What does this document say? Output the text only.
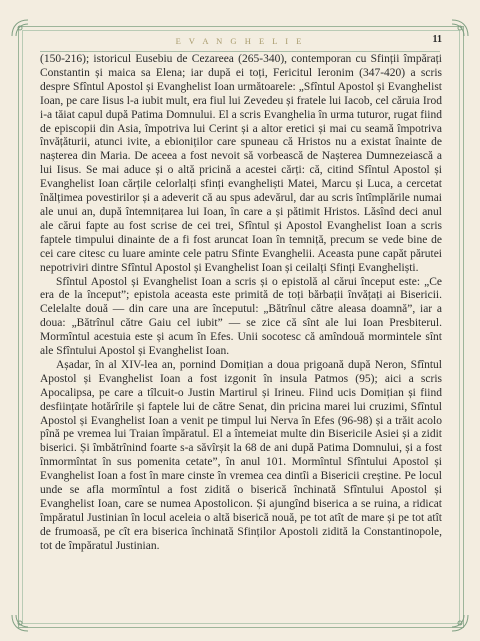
E V A N G H E L I E	11

(150-216); istoricul Eusebiu de Cezareea (265-340), contemporan cu Sfinții împărați Constantin și maica sa Elena; iar după ei toți, Fericitul Ieronim (347-420) a scris despre Sfîntul Apostol și Evanghelist Ioan următoarele: „Sfîntul Apostol și Evanghelist Ioan, pe care Iisus l-a iubit mult, era fiul lui Zevedeu și fratele lui Iacob, cel căruia Irod i-a tăiat capul după Patima Domnului. El a scris Evanghelia în urma tuturor, rugat fiind de episcopii din Asia, împotriva lui Cerint și a altor eretici și mai cu seamă împotriva învățăturii, atunci ivite, a ebioniților care spuneau că Hristos nu a existat înainte de nașterea din Maria. De aceea a fost nevoit să vorbească de Nașterea Dumnezeiască a lui Iisus. Se mai aduce și o altă pricină a acestei cărți: că, citind Sfîntul Apostol și Evanghelist Ioan cărțile celorlalți sfinți evangheliști Matei, Marcu și Luca, a cercetat înălțimea povestirilor și a adeverit că au spus adevărul, dar au scris întîmplările numai ale unui an, după întemnițarea lui Ioan, în care a și pătimit Hristos. Lăsînd deci anul ale cărui fapte au fost scrise de cei trei, Sfîntul și Apostol Evanghelist Ioan a scris faptele timpului dinainte de a fi fost aruncat Ioan în temniță, precum se vede bine de cei care citesc cu luare aminte cele patru Sfinte Evanghelii. Aceasta pune capăt părutei nepotriviri dintre Sfîntul Apostol și Evanghelist Ioan și ceilalți Sfinți Evangheliști.

Sfîntul Apostol și Evanghelist Ioan a scris și o epistolă al cărui început este: „Ce era de la început”; epistola aceasta este primită de toți bărbații învățați ai Bisericii. Celelalte două — din care una are începutul: „Bătrînul către aleasa doamnă”, iar a doua: „Bătrînul către Gaiu cel iubit” — se zice că sînt ale lui Ioan Presbiterul. Mormîntul acestuia este și acum în Efes. Unii socotesc că amîndouă mormintele sînt ale Sfîntului Apostol și Evanghelist Ioan.

Așadar, în al XIV-lea an, pornind Domițian a doua prigoană după Neron, Sfîntul Apostol și Evanghelist Ioan a fost izgonit în insula Patmos (95); aici a scris Apocalipsa, pe care a tîlcuit-o Justin Martirul și Irineu. Fiind ucis Domițian și fiind desființate hotărîrile și faptele lui de către Senat, din pricina marei lui cruzimi, Sfîntul Apostol și Evanghelist Ioan a venit pe timpul lui Nerva în Efes (96-98) și a trăit acolo pînă pe vremea lui Traian împăratul. El a întemeiat multe din Bisericile Asiei și a zidit biserici. Și îmbătrînind foarte s-a săvîrșit la 68 de ani după Patima Domnului, și a fost înmormîntat în sus pomenita cetate”, în anul 101. Mormîntul Sfîntului Apostol și Evanghelist Ioan a fost în mare cinste în vremea cea dintîi a Bisericii creștine. Pe locul unde se afla mormîntul a fost zidită o biserică închinată Sfîntului Apostol și Evanghelist Ioan, care se numea Apostolicon. Și ajungînd biserica a se ruina, a ridicat împăratul Justinian în locul aceleia o altă biserică nouă, pe tot atît de mare și pe tot atît de frumoasă, pe cît era biserica închinată Sfinților Apostoli zidită la Constantinopole, tot de împăratul Justinian.
